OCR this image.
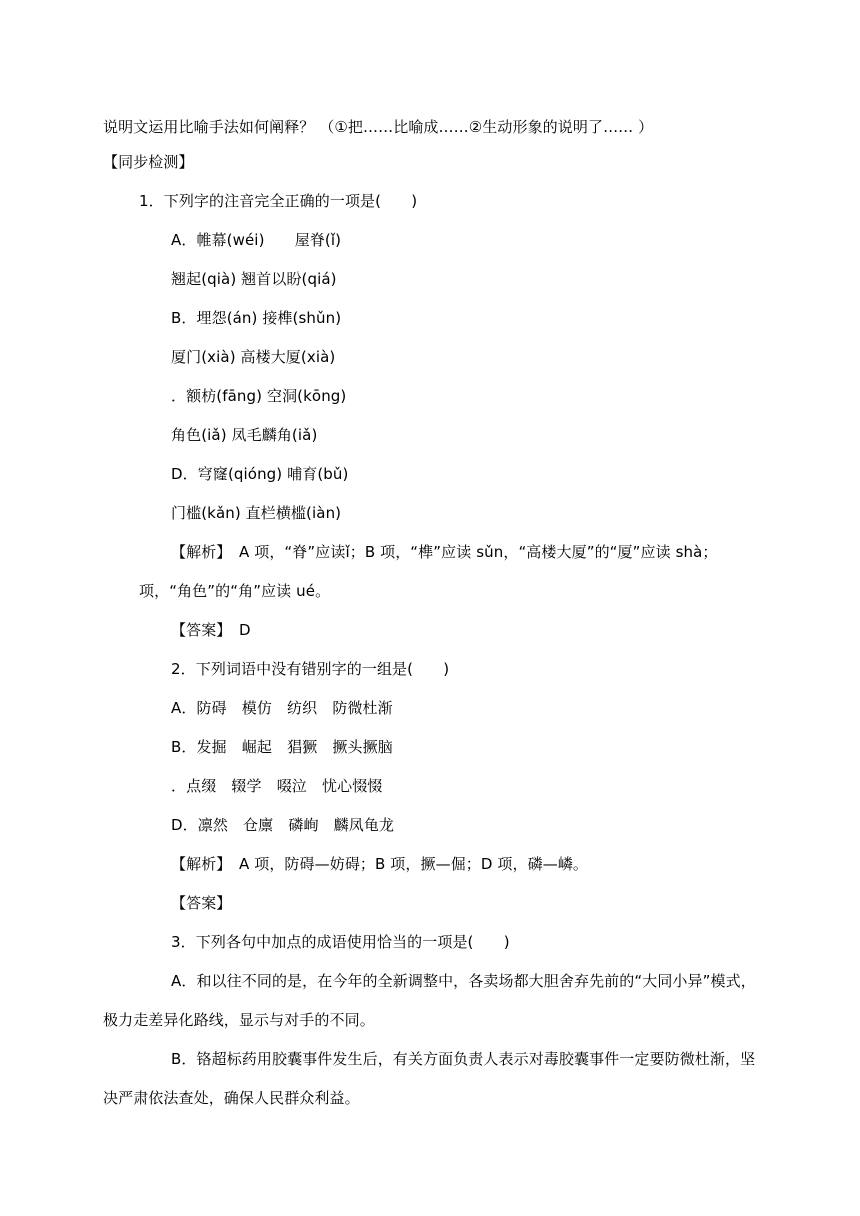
说明文运用比喻手法如何阐释？ （①把……比喻成……②生动形象的说明了…… ）
【同步检测】
1．下列字的注音完全正确的一项是(　　)
A．帷幕(wéi)　　屋脊(ǐ)
翘起(qià) 翘首以盼(qiá)
B．埋怨(án) 接榫(shǔn)
厦门(xià) 高楼大厦(xià)
．额枋(fāng) 空洞(kōng)
角色(iǎ) 凤毛麟角(iǎ)
D．穹窿(qióng) 哺育(bǔ)
门槛(kǎn) 直栏横槛(iàn)
【解析】　A 项，“脊”应读ǐ；B 项，“榫”应读 sǔn，“高楼大厦”的“厦”应读 shà；
项，“角色”的“角”应读 ué。
【答案】　D
2．下列词语中没有错别字的一组是(　　)
A．防碍　模仿　纺织　防微杜渐
B．发掘　崛起　猖獗　撅头撅脑
．点缀　辍学　啜泣　忧心惙惙
D．凛然　仓廪　磷峋　麟凤龟龙
【解析】　A 项，防碍—妨碍；B 项，撅—倔；D 项，磷—嶙。
【答案】
3．下列各句中加点的成语使用恰当的一项是(　　)
A．和以往不同的是，在今年的全新调整中，各卖场都大胆舍弃先前的“大同小异”模式，
极力走差异化路线，显示与对手的不同。
B．铬超标药用胶囊事件发生后，有关方面负责人表示对毒胶囊事件一定要防微杜渐，坚
决严肃依法查处，确保人民群众利益。
